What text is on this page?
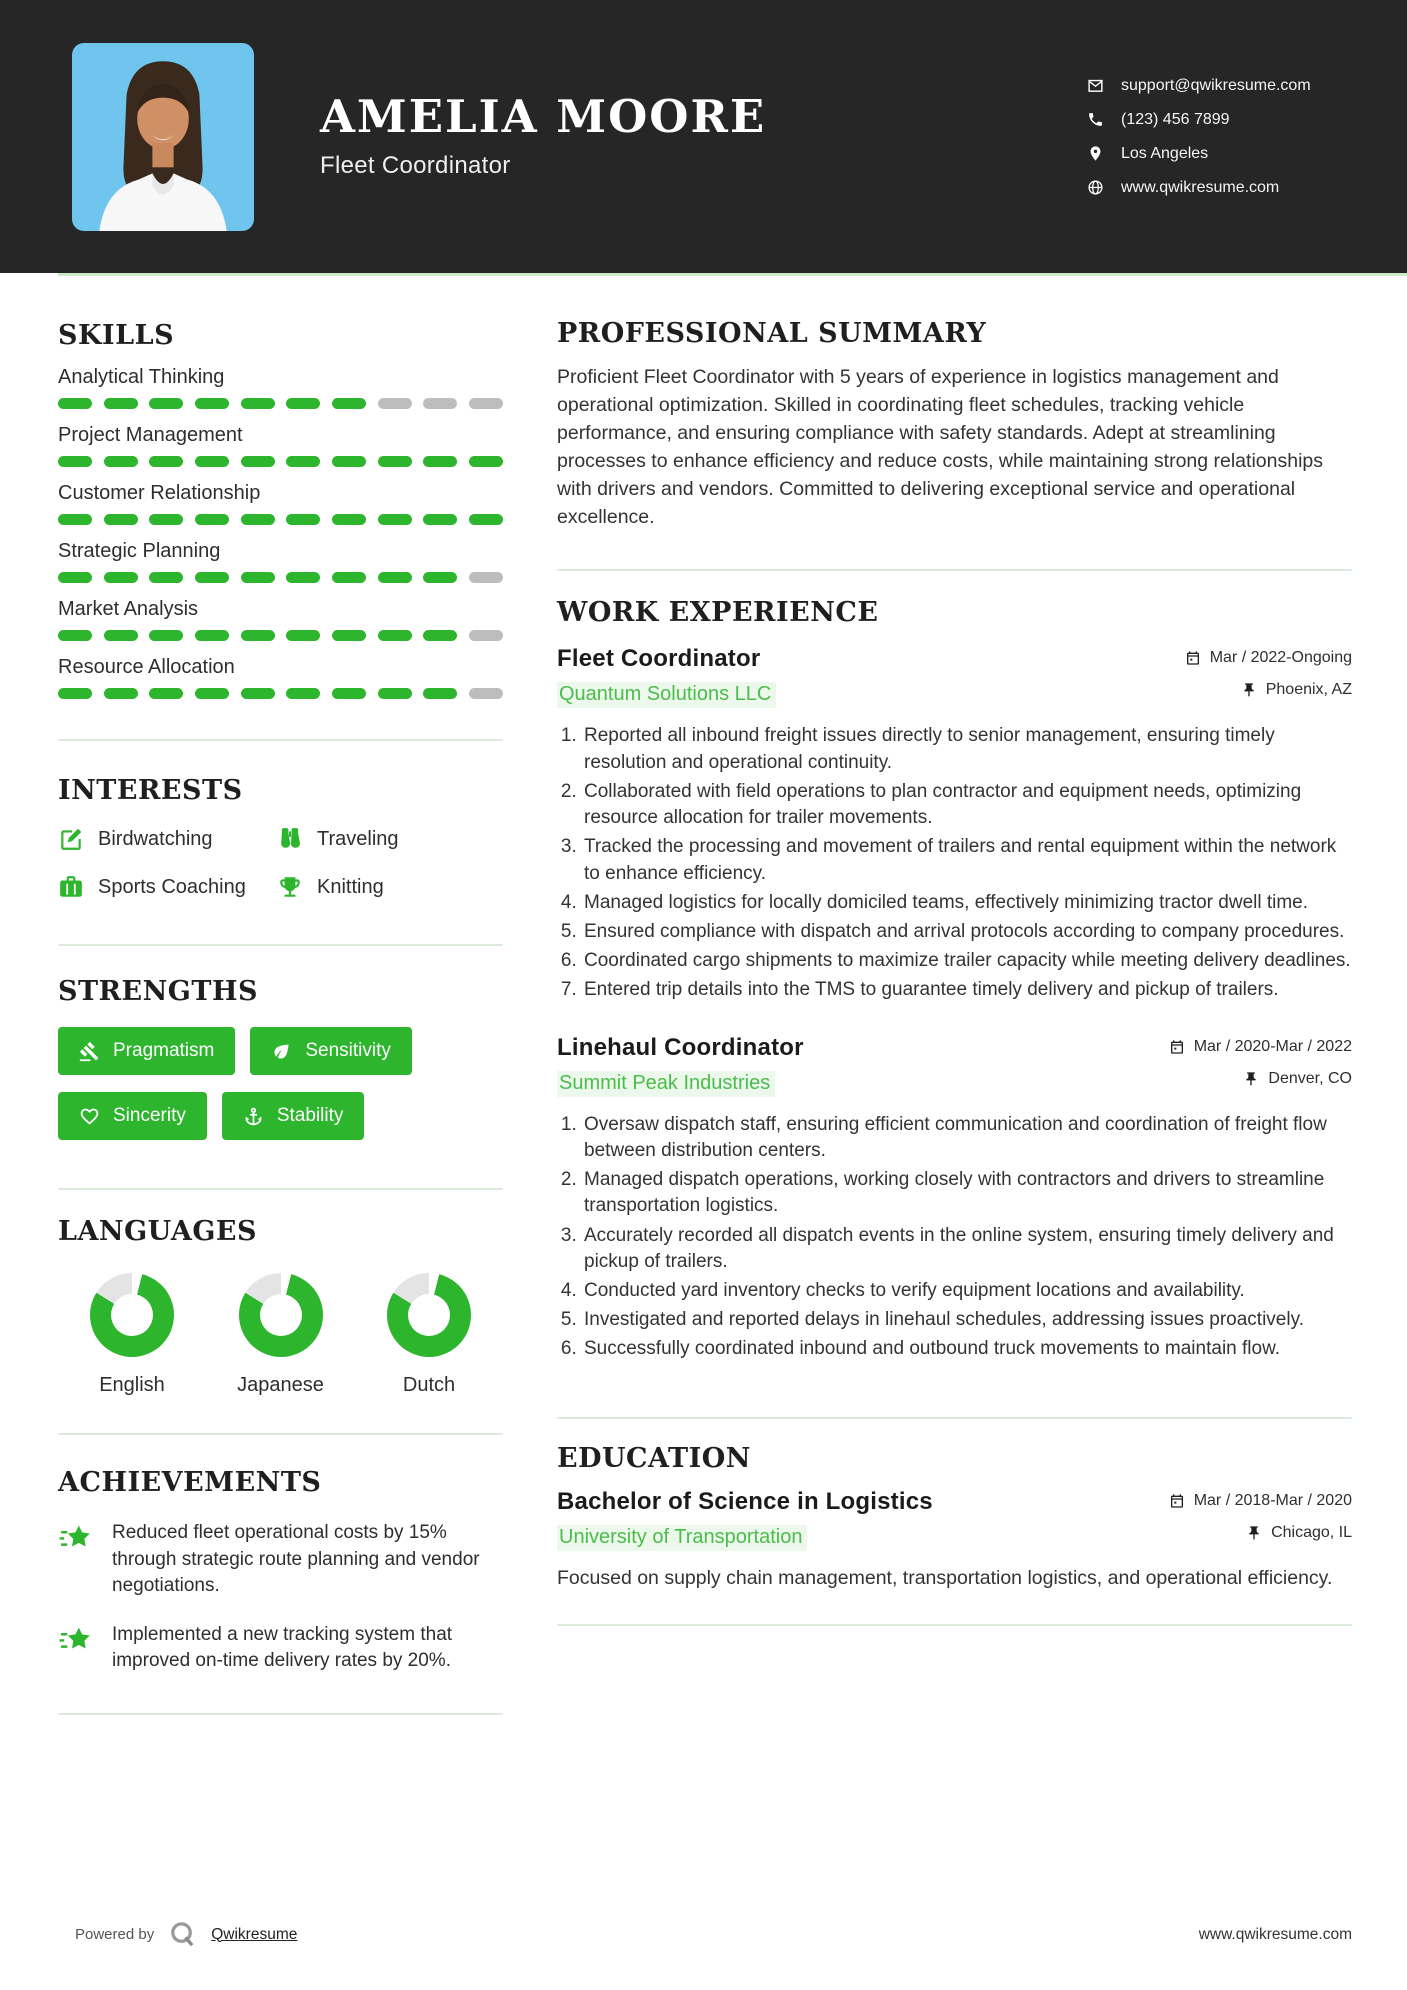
AMELIA MOORE
Fleet Coordinator
support@qwikresume.com
(123) 456 7899
Los Angeles
www.qwikresume.com
SKILLS
Analytical Thinking
Project Management
Customer Relationship
Strategic Planning
Market Analysis
Resource Allocation
INTERESTS
Birdwatching	Traveling
Sports Coaching	Knitting
STRENGTHS
Pragmatism	Sensitivity
Sincerity	Stability
LANGUAGES
English	Japanese	Dutch
ACHIEVEMENTS

Reduced fleet operational costs by 15% through strategic route planning and vendor negotiations.

Implemented a new tracking system that improved on-time delivery rates by 20%.

PROFESSIONAL SUMMARY

Proficient Fleet Coordinator with 5 years of experience in logistics management and operational optimization. Skilled in coordinating fleet schedules, tracking vehicle performance, and ensuring compliance with safety standards. Adept at streamlining processes to enhance efficiency and reduce costs, while maintaining strong relationships with drivers and vendors. Committed to delivering exceptional service and operational excellence.

WORK EXPERIENCE
Fleet Coordinator
Quantum Solutions LLC
Mar / 2022-Ongoing
Phoenix, AZ
1. Reported all inbound freight issues directly to senior management, ensuring timely resolution and operational continuity.
2. Collaborated with field operations to plan contractor and equipment needs, optimizing resource allocation for trailer movements.
3. Tracked the processing and movement of trailers and rental equipment within the network to enhance efficiency.
4. Managed logistics for locally domiciled teams, effectively minimizing tractor dwell time.
5. Ensured compliance with dispatch and arrival protocols according to company procedures.
6. Coordinated cargo shipments to maximize trailer capacity while meeting delivery deadlines.
7. Entered trip details into the TMS to guarantee timely delivery and pickup of trailers.
Linehaul Coordinator
Summit Peak Industries
Mar / 2020-Mar / 2022
Denver, CO
1. Oversaw dispatch staff, ensuring efficient communication and coordination of freight flow between distribution centers.
2. Managed dispatch operations, working closely with contractors and drivers to streamline transportation logistics.
3. Accurately recorded all dispatch events in the online system, ensuring timely delivery and pickup of trailers.
4. Conducted yard inventory checks to verify equipment locations and availability.
5. Investigated and reported delays in linehaul schedules, addressing issues proactively.
6. Successfully coordinated inbound and outbound truck movements to maintain flow.
EDUCATION
Bachelor of Science in Logistics
University of Transportation
Mar / 2018-Mar / 2020
Chicago, IL

Focused on supply chain management, transportation logistics, and operational efficiency.

Powered by	Qwikresume	www.qwikresume.com
